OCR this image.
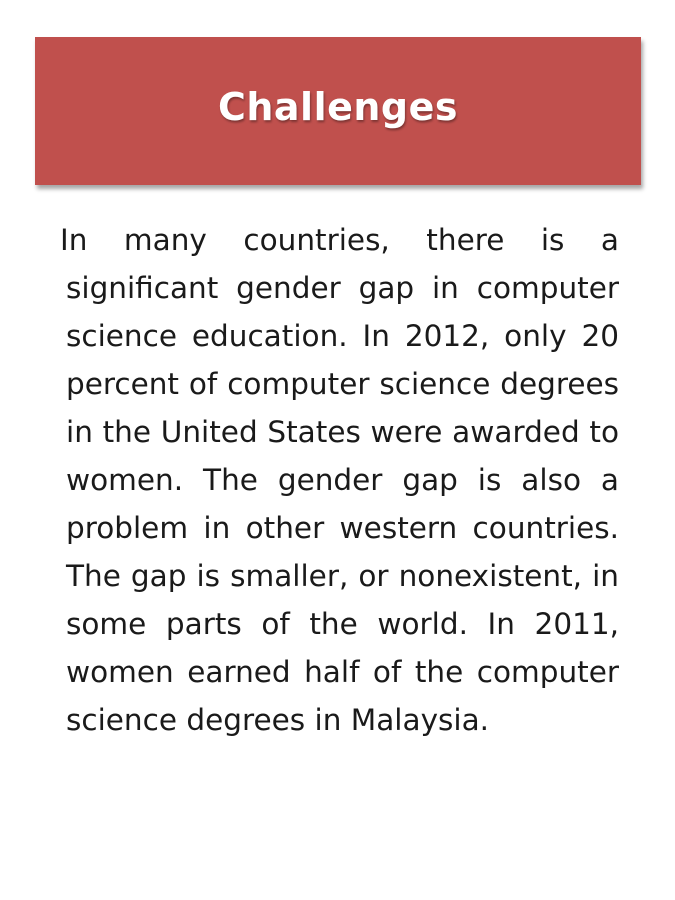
Challenges

In many countries, there is a significant gender gap in computer science education. In 2012, only 20 percent of computer science degrees in the United States were awarded to women. The gender gap is also a problem in other western countries. The gap is smaller, or nonexistent, in some parts of the world. In 2011, women earned half of the computer science degrees in Malaysia.
